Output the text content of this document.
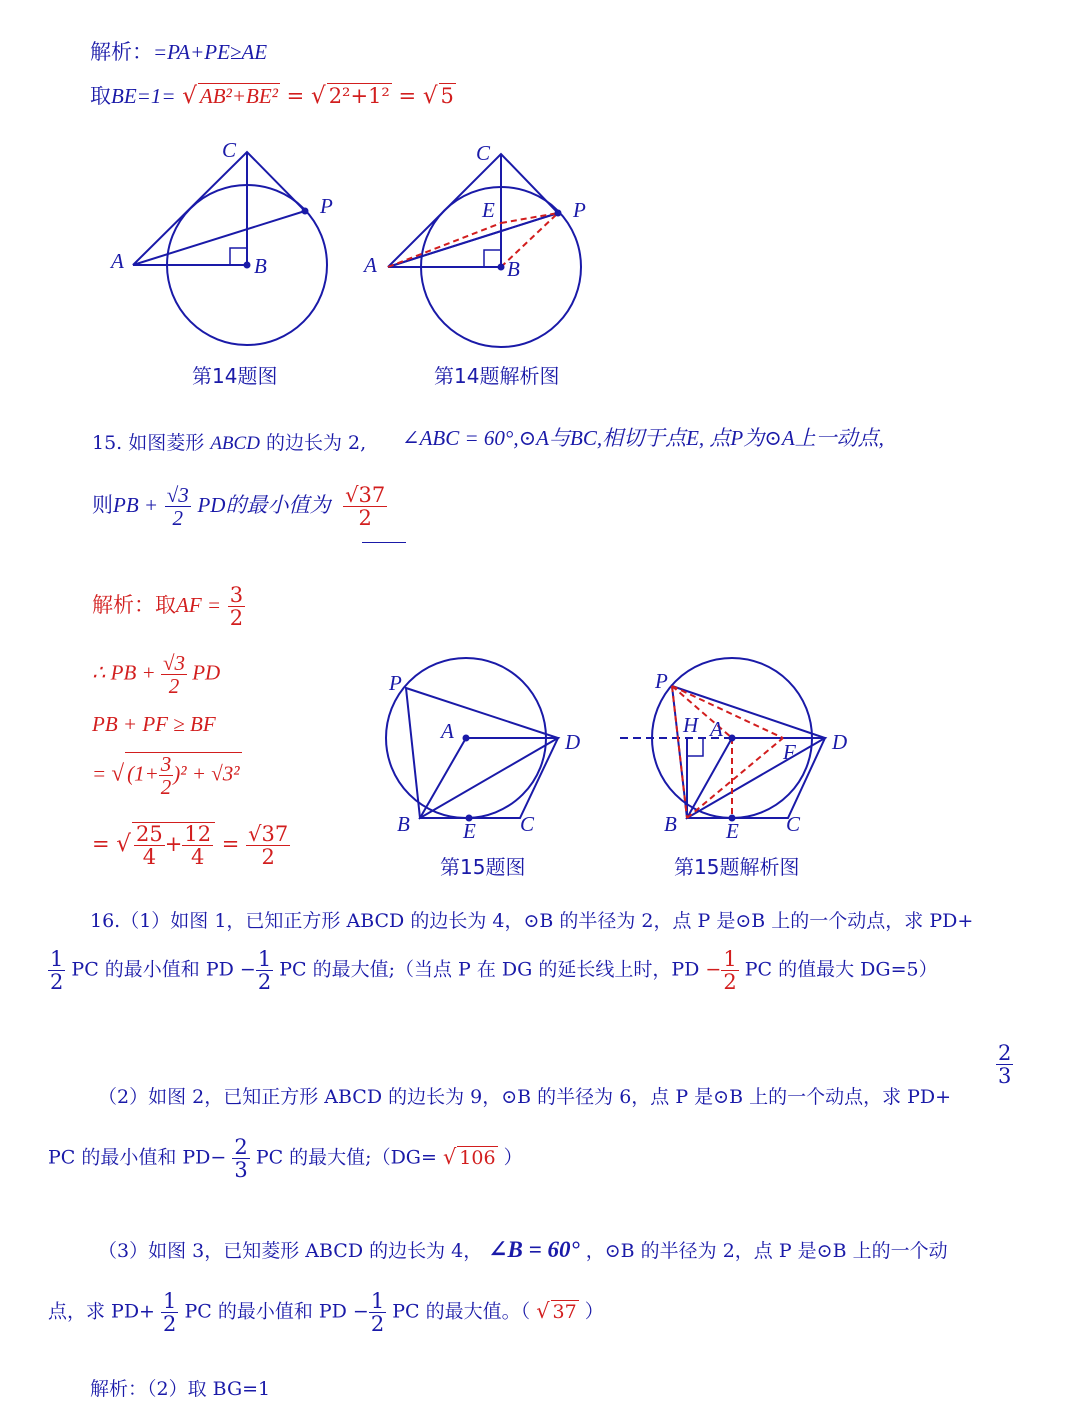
解析：=PA+PE≥AE
取BE=1= √ AB²+BE² = √ 2²+1² = √ 5
C
P
A	B
第14题图
C
E	P
A	B
第14题解析图
15. 如图菱形 ABCD 的边长为 2, ∠ABC = 60°,⊙A与BC,相切于点E, 点P为⊙A上一动点,
则PB + $\frac{√3}{2}$ PD的最小值为 $\frac{√37}{2}$
解析：取AF = $\frac{3}{2}$
∴ PB + $\frac{√3}{2}$ PD
PB + PF ≥ BF
= √ $(1+ \frac{3}{2} )^2 + √3^2$
= √ $\frac{25}{4} + \frac{12}{4} = \frac{√37}{2}$
P
A	D
B	E C
第15题图
P
H A
F D
B E C
第15题解析图
16.（1）如图 1，已知正方形 ABCD 的边长为 4，⊙B 的半径为 2，点 P 是⊙B 上的一个动点，求 PD+
$\frac{1}{2}$ PC 的最小值和 PD − $\frac{1}{2}$ PC 的最大值;（当点 P 在 DG 的延长线上时，PD − $\frac{1}{2}$ PC 的值最大 DG=5）
（2）如图 2，已知正方形 ABCD 的边长为 9，⊙B 的半径为 6，点 P 是⊙B 上的一个动点，求 PD+
$\frac{2}{3}$
PC 的最小值和 $PD- \frac{2}{3}$ PC 的最大值;（DG= √ 106 ）
（3）如图 3，已知菱形 ABCD 的边长为 4， ∠B = 60° ，⊙B 的半径为 2，点 P 是⊙B 上的一个动
点，求 $PD+ \frac{1}{2}$ PC 的最小值和 PD − $\frac{1}{2}$ PC 的最大值。（ √ 37 ）
解析：（2）取 BG=1
